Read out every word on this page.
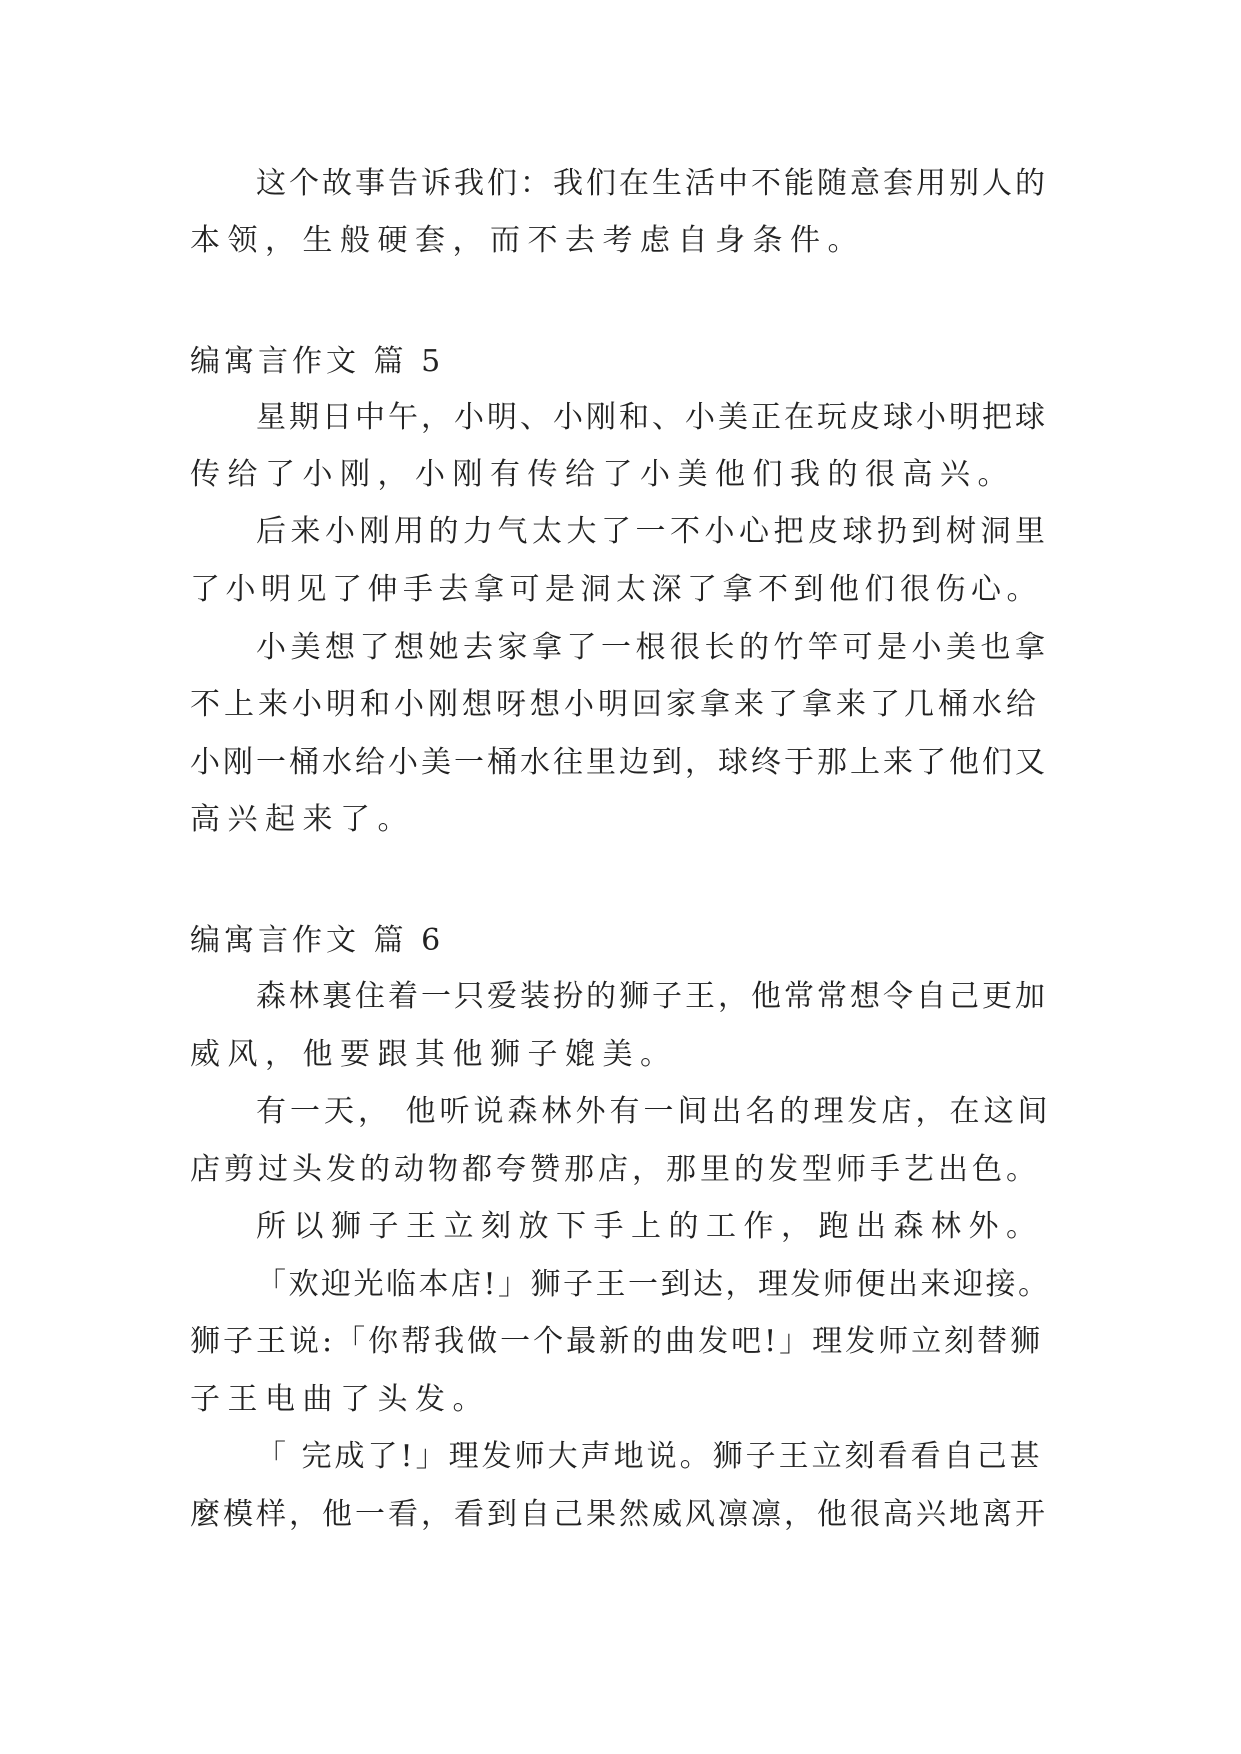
这个故事告诉我们：我们在生活中不能随意套用别人的
本领，生般硬套，而不去考虑自身条件。
编寓言作文 篇 5
星期日中午，小明、小刚和、小美正在玩皮球小明把球
传给了小刚，小刚有传给了小美他们我的很高兴。
后来小刚用的力气太大了一不小心把皮球扔到树洞里
了小明见了伸手去拿可是洞太深了拿不到他们很伤心。
小美想了想她去家拿了一根很长的竹竿可是小美也拿
不上来小明和小刚想呀想小明回家拿来了拿来了几桶水给
小刚一桶水给小美一桶水往里边到，球终于那上来了他们又
高兴起来了。
编寓言作文 篇 6
森林裏住着一只爱装扮的狮子王，他常常想令自己更加
威风，他要跟其他狮子媲美。
有一天， 他听说森林外有一间出名的理发店，在这间
店剪过头发的动物都夸赞那店，那里的发型师手艺出色。
所以狮子王立刻放下手上的工作，跑出森林外。
「欢迎光临本店!」狮子王一到达，理发师便出来迎接。
狮子王说:「你帮我做一个最新的曲发吧!」理发师立刻替狮
子王电曲了头发。
「 完成了!」理发师大声地说。狮子王立刻看看自己甚
麼模样，他一看，看到自己果然威风凛凛，他很高兴地离开
